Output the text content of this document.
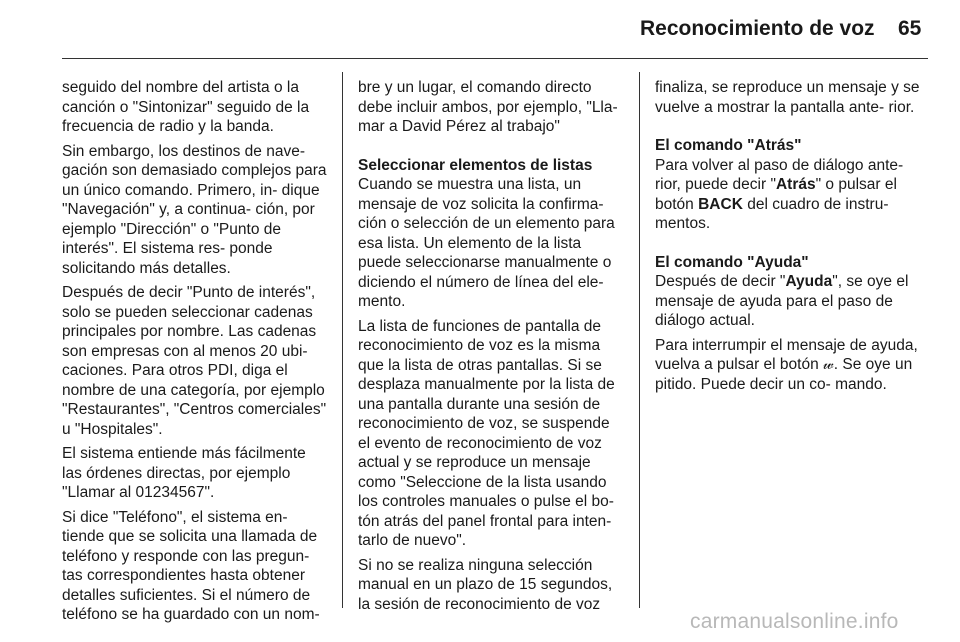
Reconocimiento de voz 65

seguido del nombre del artista o la canción o "Sintonizar" seguido de la frecuencia de radio y la banda.

Sin embargo, los destinos de nave- gación son demasiado complejos para un único comando. Primero, in- dique "Navegación" y, a continua- ción, por ejemplo "Dirección" o "Punto de interés". El sistema res- ponde solicitando más detalles.

Después de decir "Punto de interés", solo se pueden seleccionar cadenas principales por nombre. Las cadenas son empresas con al menos 20 ubi- caciones. Para otros PDI, diga el nombre de una categoría, por ejemplo "Restaurantes", "Centros comerciales" u "Hospitales".

El sistema entiende más fácilmente las órdenes directas, por ejemplo "Llamar al 01234567".

Si dice "Teléfono", el sistema en- tiende que se solicita una llamada de teléfono y responde con las pregun- tas correspondientes hasta obtener detalles suficientes. Si el número de teléfono se ha guardado con un nom-

bre y un lugar, el comando directo debe incluir ambos, por ejemplo, "Lla- mar a David Pérez al trabajo"

Seleccionar elementos de listas

Cuando se muestra una lista, un mensaje de voz solicita la confirma- ción o selección de un elemento para esa lista. Un elemento de la lista puede seleccionarse manualmente o diciendo el número de línea del ele- mento.

La lista de funciones de pantalla de reconocimiento de voz es la misma que la lista de otras pantallas. Si se desplaza manualmente por la lista de una pantalla durante una sesión de reconocimiento de voz, se suspende el evento de reconocimiento de voz actual y se reproduce un mensaje como "Seleccione de la lista usando los controles manuales o pulse el bo- tón atrás del panel frontal para inten- tarlo de nuevo".

Si no se realiza ninguna selección manual en un plazo de 15 segundos, la sesión de reconocimiento de voz

finaliza, se reproduce un mensaje y se vuelve a mostrar la pantalla ante- rior.

El comando "Atrás"

Para volver al paso de diálogo ante- rior, puede decir "Atrás" o pulsar el botón BACK del cuadro de instru- mentos.

El comando "Ayuda"

Después de decir "Ayuda", se oye el mensaje de ayuda para el paso de diálogo actual.

Para interrumpir el mensaje de ayuda, vuelva a pulsar el botón 𝓌. Se oye un pitido. Puede decir un co- mando.

carmanualsonline.info
